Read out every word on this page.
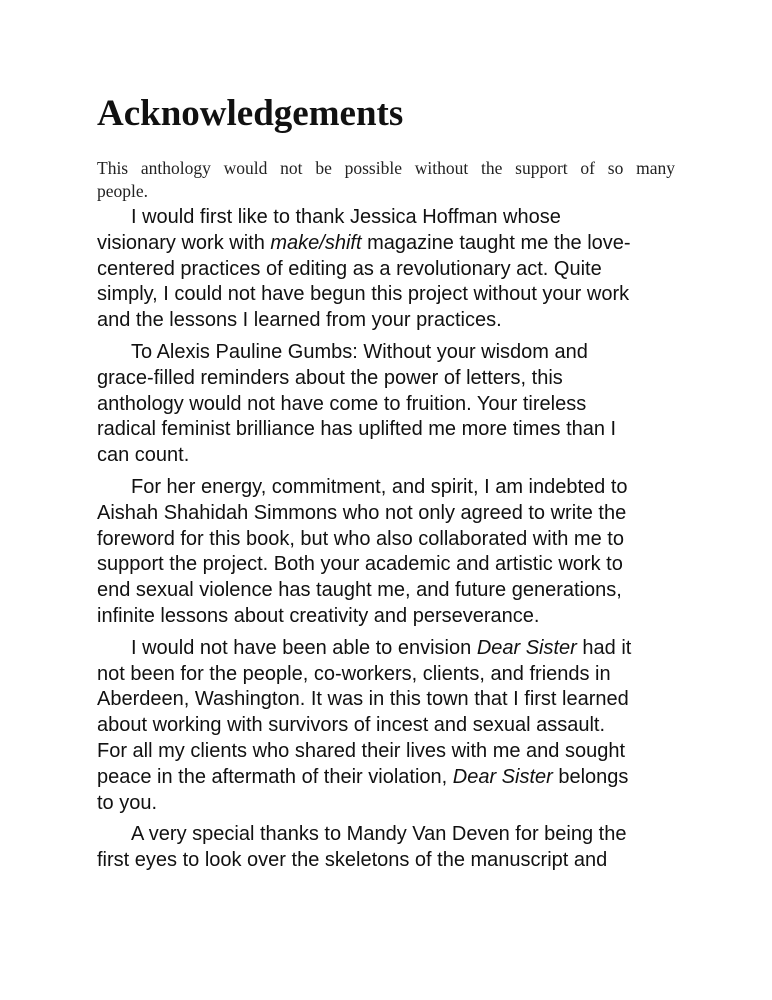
Acknowledgements

This anthology would not be possible without the support of so many
people.

I would first like to thank Jessica Hoffman whose
visionary work with make/shift magazine taught me the love-
centered practices of editing as a revolutionary act. Quite
simply, I could not have begun this project without your work
and the lessons I learned from your practices.
To Alexis Pauline Gumbs: Without your wisdom and
grace-filled reminders about the power of letters, this
anthology would not have come to fruition. Your tireless
radical feminist brilliance has uplifted me more times than I
can count.
For her energy, commitment, and spirit, I am indebted to
Aishah Shahidah Simmons who not only agreed to write the
foreword for this book, but who also collaborated with me to
support the project. Both your academic and artistic work to
end sexual violence has taught me, and future generations,
infinite lessons about creativity and perseverance.
I would not have been able to envision Dear Sister had it
not been for the people, co-workers, clients, and friends in
Aberdeen, Washington. It was in this town that I first learned
about working with survivors of incest and sexual assault.
For all my clients who shared their lives with me and sought
peace in the aftermath of their violation, Dear Sister belongs
to you.
A very special thanks to Mandy Van Deven for being the
first eyes to look over the skeletons of the manuscript and
